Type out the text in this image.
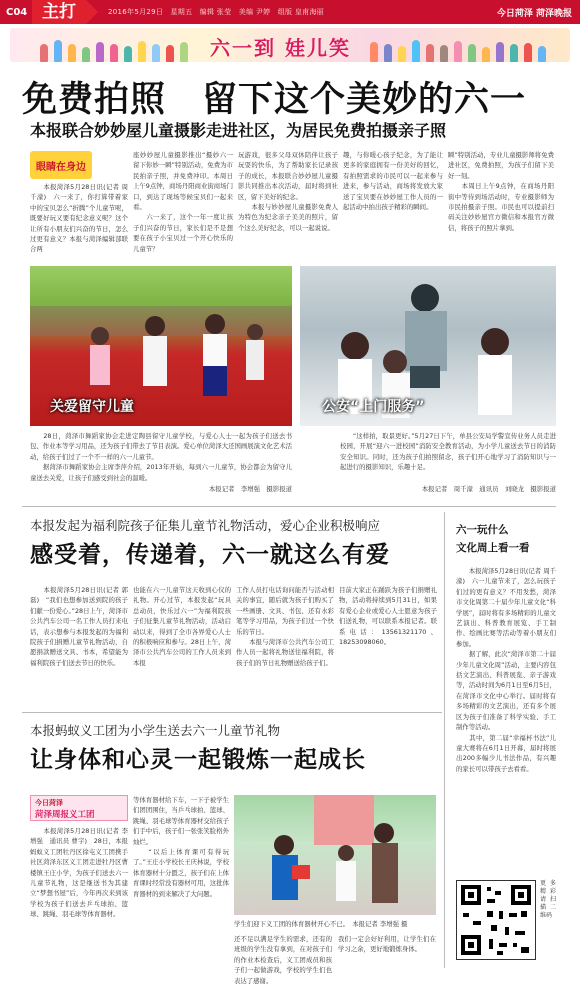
C04 主打	2016年5月29日　星期五　编辑 张莹　美编 尹婷　组版 皇甫海丽	今日菏泽 菏泽晚报
六一到 娃儿笑
免费拍照　留下这个美妙的六一
本报联合妙妙屋儿童摄影走进社区，为居民免费拍摄亲子照
眼睛在身边
　　本报菏泽5月28日讯(记者 周千濛)　六一来了，你打算带着家中的宝贝怎么“折腾”个儿童节呢，既要好玩又要有纪念意义呢？这个让所有小朋友们兴奋的节日，怎么过更有意义？本报与菏泽编辑部联合两
座妙妙屋儿童摄影推出“摄妙六一 留下你妙一瞬”特别活动，免费为市民拍亲子照，并免费冲印。本周日上午9点钟，商场丹阳商业街商场门口，到达了现场等候宝贝们一起来看。
　　六一来了，这个一年一度让孩子们兴奋的节日，家长们是不是想要在孩子小宝贝过一个开心快乐的儿童节？
玩游戏，很多父母双休陪伴让孩子玩耍的快乐，为了帮助家长记录孩子的成长，本报联合妙妙屋儿童摄影共同推出本次活动，届时将到社区，留下美好的纪念。
　　本报与妙妙屋儿童摄影免费人为特色为纪念亲子美美的照片，留个这么美好纪念，可以一起说说。
趣，与你暖心孩子纪念，为了能让更多的家庭拥有一份美好的回忆，有拍照需求的市民可以一起来参与进来，参与活动，商场将发放大家送了宝贝要在妙妙屋工作人员的一起活动中拍出孩子精彩的瞬间。
瞬”特别活动，专业儿童摄影师将免费进社区，免费拍照，为孩子们留下美好一刻。
　　本周日上午9点钟，在商场丹阳街中等待到场活动时，专业摄影师为市民拍摄亲子照。市民也可以提前扫码关注妙妙屋官方微信和本报官方微信，将孩子的照片拿到。
关爱留守儿童	公安“上门服务”
　　28日，菏泽市舞蹈家协会走进定陶县留守儿童学校，与爱心人士一起为孩子们送去书包、作业本等学习用品，还为孩子们带去了节目表演。爱心单位菏泽大还国画展演文化艺术活动，给孩子们过了一个不一样的六一儿童节。
　　据菏泽市舞蹈家协会主席李萍介绍，2013年开始，每到六一儿童节，协会都会为留守儿童送去关爱，让孩子们感受到社会的温暖。
本报记者　李增强　摄影报道
　　“这样拍，取景更好。”5月27日下午，单县公安局学警宣传业务人员走进校园，开展“迎六一进校园”消防安全教育活动，为小学儿童送去节日的消防安全知识。同时，还为孩子们拍照留念，孩子们开心地学习了消防知识与一起进行的摄影知识，乐趣十足。
本报记者　周千濛　通讯员　刘晓龙　摄影报道
本报发起为福利院孩子征集儿童节礼物活动，爱心企业积极响应
感受着，传递着，六一就这么有爱
　　本报菏泽5月28日讯(记者 郭磊)　“我们也想参加送到院的孩子们献一份爱心。”28日上午，菏泽市公共汽车公司一名工作人员打来电话，表示想参与本报发起的为福利院孩子们捐赠儿童节礼物活动，自愿捐款赠送文具、书本，希望能为福利院孩子们送去节日的快乐。
也能在六一儿童节这天收到心仪的礼物。开心过节，本报发起“玩具总动员，快乐过六一”为福利院孩子们征集儿童节礼物活动，活动启动以来，得到了全市各界爱心人士的积极响应和参与。28日上午，菏泽市公共汽车公司的工作人员来到本报
工作人员打电话询问能否与活动相关的事宜，随后就为孩子们购买了一些画册、文具、书包、还有水彩笔等学习用品，为孩子们过一个快乐的节日。
　　本报与菏泽市公共汽车公司工作人员一起将礼物送往福利院，将孩子们的节日礼物赠送给孩子们。
目前大家正在踊跃为孩子们捐赠礼物，活动将持续到5月31日，如果有爱心企业或爱心人士愿意为孩子们送礼物，可以联系本报记者。联系电话：13561321170、18253098060。
六一玩什么
文化周上看一看
　　本报菏泽5月28日讯(记者 周千濛)　六一儿童节来了，怎么玩孩子们过的更有意义？不用发愁，菏泽市文化周第二十届少年儿童文化“科学展”，届时将有多场精彩的儿童文艺演出、科普教育展览、手工制作、绘画比赛等活动等着小朋友们参加。
　　据了解，此次“菏泽市第二十届少年儿童文化周”活动，主要内容包括文艺演出、科普展览、亲子游戏等，活动时间为6月1日至6月5日，在菏泽市文化中心举行。届时将有多场精彩的文艺演出，还有多个展区为孩子们准备了科学实验、手工制作等活动。
　　其中，第二届“幸福杯书法”儿童大赛将在6月1日开幕，届时将展出200多幅少儿书法作品，有兴趣的家长可以带孩子去看看。
更多精彩 请扫描二维码
本报蚂蚁义工团为小学生送去六一儿童节礼物
让身体和心灵一起锻炼一起成长
今日菏泽
菏泽周报义工团
　　本报菏泽5月28日讯(记者 李增强　通讯员 曹宇)　28日，本报蚂蚁义工团牡丹区徐屯义工团携手社区菏泽东区义工团走进牡丹区曹楼镇王庄小学，为孩子们送去六一儿童节礼物，这是继送书为其建立“梦想书屋”后，今年再次来到该学校为孩子们送去乒乓球拍、篮球、跳绳、羽毛球等体育器材。
等体育器材给下车，一下子被学生们团团围住，当乒乓球拍、篮球、跳绳、羽毛球等体育器材交给孩子们手中后，孩子们一张张笑脸格外灿烂。
　　“以后上体育课可有得玩了。”王庄小学校长王庆林说，学校体育器材十分匮乏，孩子们在上体育课时经常没有器材可用，这批体育器材的到来解决了大问题。
学生们迎下义工团的体育器材开心不已。　本报记者 李增强 摄
还不足以满足学生的需求，还有的班级的学生没有拿到，在对孩子们的作业本检查后，义工团成员和孩子们一起做游戏，学校的学生们也表达了感谢。
我们一定会好好利用，让学生们在学习之余，更好地锻炼身体。
